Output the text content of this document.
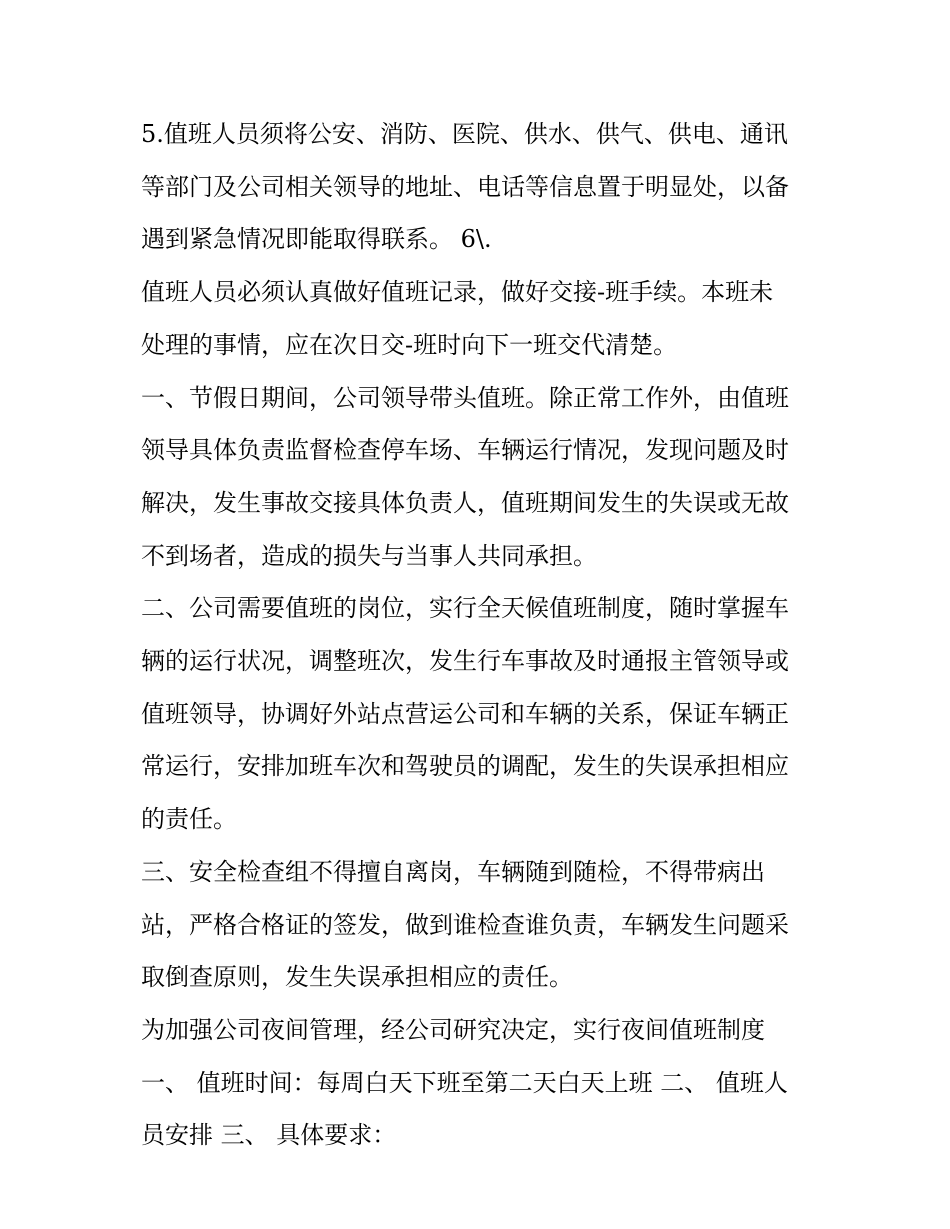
5.值班人员须将公安、消防、医院、供水、供气、供电、通讯
等部门及公司相关领导的地址、电话等信息置于明显处，以备
遇到紧急情况即能取得联系。 6\.

值班人员必须认真做好值班记录，做好交接-班手续。本班未
处理的事情，应在次日交-班时向下一班交代清楚。

一、节假日期间，公司领导带头值班。除正常工作外，由值班
领导具体负责监督检查停车场、车辆运行情况，发现问题及时
解决，发生事故交接具体负责人，值班期间发生的失误或无故
不到场者，造成的损失与当事人共同承担。

二、公司需要值班的岗位，实行全天候值班制度，随时掌握车
辆的运行状况，调整班次，发生行车事故及时通报主管领导或
值班领导，协调好外站点营运公司和车辆的关系，保证车辆正
常运行，安排加班车次和驾驶员的调配，发生的失误承担相应
的责任。

三、安全检查组不得擅自离岗，车辆随到随检，不得带病出
站，严格合格证的签发，做到谁检查谁负责，车辆发生问题采
取倒查原则，发生失误承担相应的责任。

为加强公司夜间管理，经公司研究决定，实行夜间值班制度

一、 值班时间：每周白天下班至第二天白天上班 二、 值班人
员安排 三、 具体要求：
